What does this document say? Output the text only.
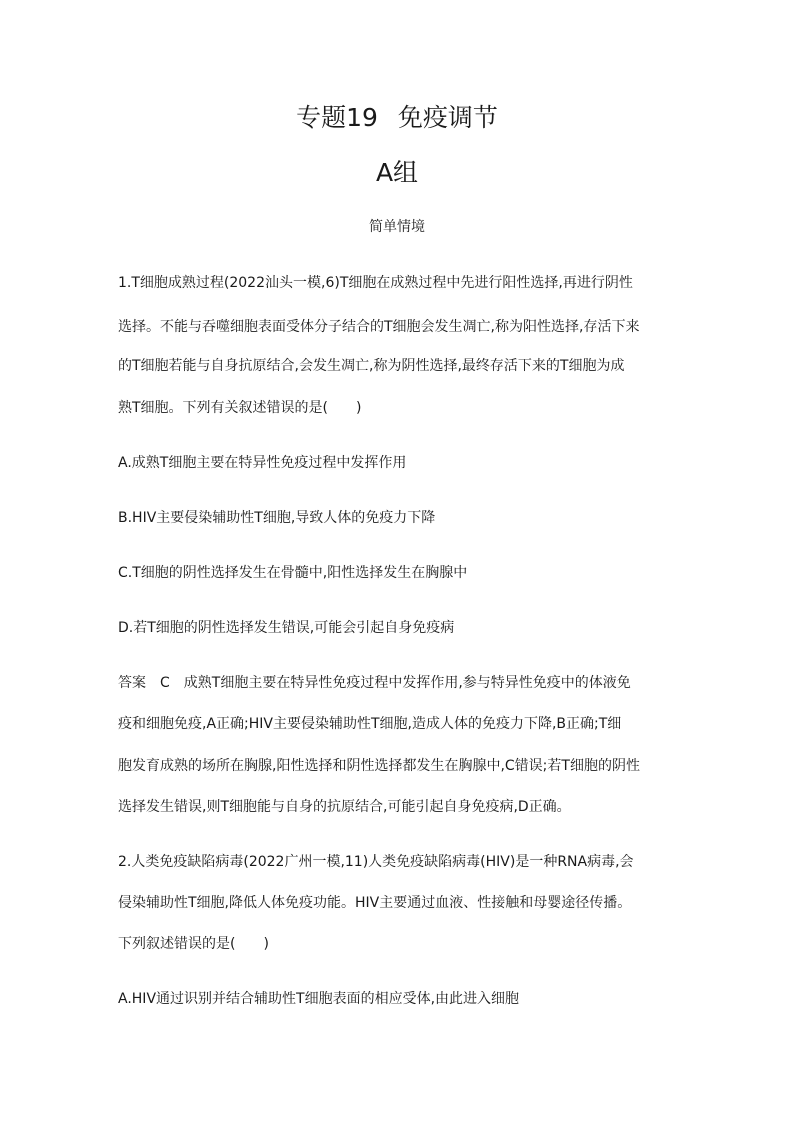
专题19 免疫调节
A组
简单情境
1.T细胞成熟过程(2022汕头一模,6)T细胞在成熟过程中先进行阳性选择,再进行阴性
选择。不能与吞噬细胞表面受体分子结合的T细胞会发生凋亡,称为阳性选择,存活下来
的T细胞若能与自身抗原结合,会发生凋亡,称为阴性选择,最终存活下来的T细胞为成
熟T细胞。下列有关叙述错误的是(　　)
A.成熟T细胞主要在特异性免疫过程中发挥作用
B.HIV主要侵染辅助性T细胞,导致人体的免疫力下降
C.T细胞的阴性选择发生在骨髓中,阳性选择发生在胸腺中
D.若T细胞的阴性选择发生错误,可能会引起自身免疫病
答案 C 成熟T细胞主要在特异性免疫过程中发挥作用,参与特异性免疫中的体液免
疫和细胞免疫,A正确;HIV主要侵染辅助性T细胞,造成人体的免疫力下降,B正确;T细
胞发育成熟的场所在胸腺,阳性选择和阴性选择都发生在胸腺中,C错误;若T细胞的阴性
选择发生错误,则T细胞能与自身的抗原结合,可能引起自身免疫病,D正确。
2.人类免疫缺陷病毒(2022广州一模,11)人类免疫缺陷病毒(HIV)是一种RNA病毒,会
侵染辅助性T细胞,降低人体免疫功能。HIV主要通过血液、性接触和母婴途径传播。
下列叙述错误的是(　　)
A.HIV通过识别并结合辅助性T细胞表面的相应受体,由此进入细胞
